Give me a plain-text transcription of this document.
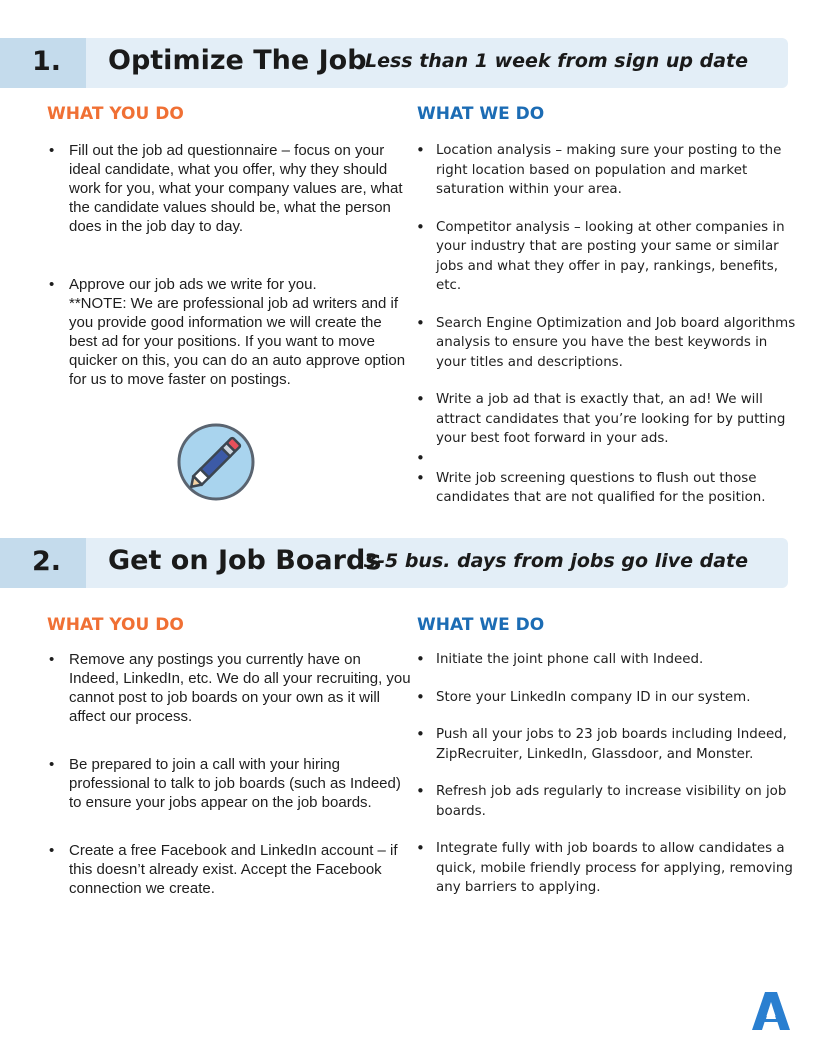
1. Optimize The Job
Less than 1 week from sign up date
WHAT YOU DO	WHAT WE DO
• Fill out the job ad questionnaire – focus on your ideal candidate, what you offer, why they should work for you, what your company values are, what the candidate values should be, what the person does in the job day to day.
• Approve our job ads we write for you.
**NOTE: We are professional job ad writers and if you provide good information we will create the best ad for your positions. If you want to move quicker on this, you can do an auto approve option for us to move faster on postings.
• Location analysis – making sure your posting to the right location based on population and market saturation within your area.
• Competitor analysis – looking at other companies in your industry that are posting your same or similar jobs and what they offer in pay, rankings, benefits, etc.
• Search Engine Optimization and Job board algorithms analysis to ensure you have the best keywords in your titles and descriptions.
• Write a job ad that is exactly that, an ad! We will attract candidates that you’re looking for by putting your best foot forward in your ads.
•
• Write job screening questions to flush out those candidates that are not qualified for the position.
2. Get on Job Boards
3-5 bus. days from jobs go live date
WHAT YOU DO	WHAT WE DO
• Remove any postings you currently have on Indeed, LinkedIn, etc. We do all your recruiting, you cannot post to job boards on your own as it will affect our process.
• Be prepared to join a call with your hiring professional to talk to job boards (such as Indeed) to ensure your jobs appear on the job boards.
• Create a free Facebook and LinkedIn account – if this doesn’t already exist. Accept the Facebook connection we create.
• Initiate the joint phone call with Indeed.
• Store your LinkedIn company ID in our system.
• Push all your jobs to 23 job boards including Indeed, ZipRecruiter, LinkedIn, Glassdoor, and Monster.
• Refresh job ads regularly to increase visibility on job boards.
• Integrate fully with job boards to allow candidates a quick, mobile friendly process for applying, removing any barriers to applying.
